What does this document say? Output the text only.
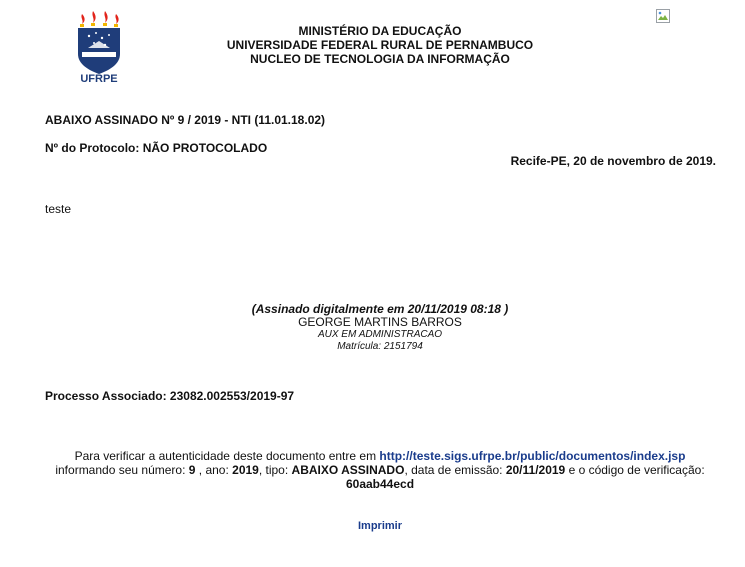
UFRPE
MINISTÉRIO DA EDUCAÇÃO
UNIVERSIDADE FEDERAL RURAL DE PERNAMBUCO
NUCLEO DE TECNOLOGIA DA INFORMAÇÃO
ABAIXO ASSINADO Nº 9 / 2019 - NTI (11.01.18.02)
Nº do Protocolo: NÃO PROTOCOLADO
Recife-PE, 20 de novembro de 2019.
teste
(Assinado digitalmente em 20/11/2019 08:18 )
GEORGE MARTINS BARROS
AUX EM ADMINISTRACAO
Matrícula: 2151794
Processo Associado: 23082.002553/2019-97
Para verificar a autenticidade deste documento entre em http://teste.sigs.ufrpe.br/public/documentos/index.jsp
informando seu número: 9 , ano: 2019, tipo: ABAIXO ASSINADO, data de emissão: 20/11/2019 e o código de verificação:
60aab44ecd
Imprimir
